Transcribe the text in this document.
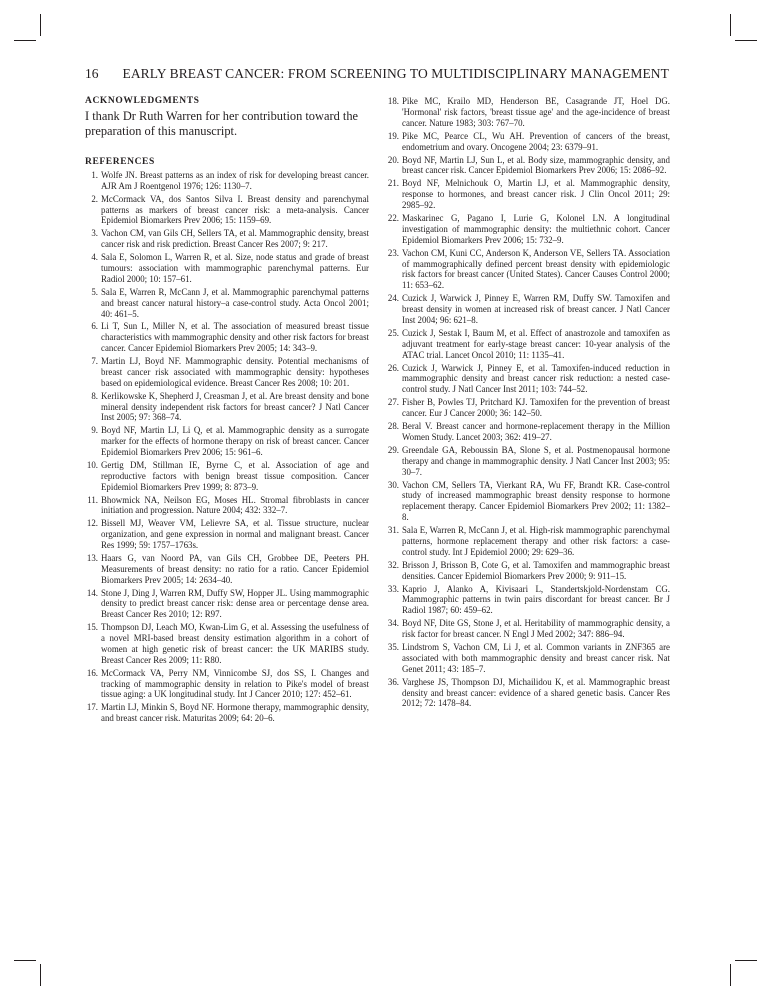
16 EARLY BREAST CANCER: FROM SCREENING TO MULTIDISCIPLINARY MANAGEMENT
ACKNOWLEDGMENTS

I thank Dr Ruth Warren for her contribution toward the preparation of this manuscript.

REFERENCES
1. Wolfe JN. Breast patterns as an index of risk for developing breast cancer. AJR Am J Roentgenol 1976; 126: 1130–7.
2. McCormack VA, dos Santos Silva I. Breast density and parenchymal patterns as markers of breast cancer risk: a meta-analysis. Cancer Epidemiol Biomarkers Prev 2006; 15: 1159–69.
3. Vachon CM, van Gils CH, Sellers TA, et al. Mammographic density, breast cancer risk and risk prediction. Breast Cancer Res 2007; 9: 217.
4. Sala E, Solomon L, Warren R, et al. Size, node status and grade of breast tumours: association with mammographic parenchymal patterns. Eur Radiol 2000; 10: 157–61.
5. Sala E, Warren R, McCann J, et al. Mammographic parenchymal patterns and breast cancer natural history–a case-control study. Acta Oncol 2001; 40: 461–5.
6. Li T, Sun L, Miller N, et al. The association of measured breast tissue characteristics with mammographic density and other risk factors for breast cancer. Cancer Epidemiol Biomarkers Prev 2005; 14: 343–9.
7. Martin LJ, Boyd NF. Mammographic density. Potential mechanisms of breast cancer risk associated with mammographic density: hypotheses based on epidemiological evidence. Breast Cancer Res 2008; 10: 201.
8. Kerlikowske K, Shepherd J, Creasman J, et al. Are breast density and bone mineral density independent risk factors for breast cancer? J Natl Cancer Inst 2005; 97: 368–74.
9. Boyd NF, Martin LJ, Li Q, et al. Mammographic density as a surrogate marker for the effects of hormone therapy on risk of breast cancer. Cancer Epidemiol Biomarkers Prev 2006; 15: 961–6.
10. Gertig DM, Stillman IE, Byrne C, et al. Association of age and reproductive factors with benign breast tissue composition. Cancer Epidemiol Biomarkers Prev 1999; 8: 873–9.
11. Bhowmick NA, Neilson EG, Moses HL. Stromal fibroblasts in cancer initiation and progression. Nature 2004; 432: 332–7.
12. Bissell MJ, Weaver VM, Lelievre SA, et al. Tissue structure, nuclear organization, and gene expression in normal and malignant breast. Cancer Res 1999; 59: 1757–1763s.
13. Haars G, van Noord PA, van Gils CH, Grobbee DE, Peeters PH. Measurements of breast density: no ratio for a ratio. Cancer Epidemiol Biomarkers Prev 2005; 14: 2634–40.
14. Stone J, Ding J, Warren RM, Duffy SW, Hopper JL. Using mammographic density to predict breast cancer risk: dense area or percentage dense area. Breast Cancer Res 2010; 12: R97.
15. Thompson DJ, Leach MO, Kwan-Lim G, et al. Assessing the usefulness of a novel MRI-based breast density estimation algorithm in a cohort of women at high genetic risk of breast cancer: the UK MARIBS study. Breast Cancer Res 2009; 11: R80.
16. McCormack VA, Perry NM, Vinnicombe SJ, dos SS, I. Changes and tracking of mammographic density in relation to Pike's model of breast tissue aging: a UK longitudinal study. Int J Cancer 2010; 127: 452–61.
17. Martin LJ, Minkin S, Boyd NF. Hormone therapy, mammographic density, and breast cancer risk. Maturitas 2009; 64: 20–6.
18. Pike MC, Krailo MD, Henderson BE, Casagrande JT, Hoel DG. 'Hormonal' risk factors, 'breast tissue age' and the age-incidence of breast cancer. Nature 1983; 303: 767–70.
19. Pike MC, Pearce CL, Wu AH. Prevention of cancers of the breast, endometrium and ovary. Oncogene 2004; 23: 6379–91.
20. Boyd NF, Martin LJ, Sun L, et al. Body size, mammographic density, and breast cancer risk. Cancer Epidemiol Biomarkers Prev 2006; 15: 2086–92.
21. Boyd NF, Melnichouk O, Martin LJ, et al. Mammographic density, response to hormones, and breast cancer risk. J Clin Oncol 2011; 29: 2985–92.
22. Maskarinec G, Pagano I, Lurie G, Kolonel LN. A longitudinal investigation of mammographic density: the multiethnic cohort. Cancer Epidemiol Biomarkers Prev 2006; 15: 732–9.
23. Vachon CM, Kuni CC, Anderson K, Anderson VE, Sellers TA. Association of mammographically defined percent breast density with epidemiologic risk factors for breast cancer (United States). Cancer Causes Control 2000; 11: 653–62.
24. Cuzick J, Warwick J, Pinney E, Warren RM, Duffy SW. Tamoxifen and breast density in women at increased risk of breast cancer. J Natl Cancer Inst 2004; 96: 621–8.
25. Cuzick J, Sestak I, Baum M, et al. Effect of anastrozole and tamoxifen as adjuvant treatment for early-stage breast cancer: 10-year analysis of the ATAC trial. Lancet Oncol 2010; 11: 1135–41.
26. Cuzick J, Warwick J, Pinney E, et al. Tamoxifen-induced reduction in mammographic density and breast cancer risk reduction: a nested case-control study. J Natl Cancer Inst 2011; 103: 744–52.
27. Fisher B, Powles TJ, Pritchard KJ. Tamoxifen for the prevention of breast cancer. Eur J Cancer 2000; 36: 142–50.
28. Beral V. Breast cancer and hormone-replacement therapy in the Million Women Study. Lancet 2003; 362: 419–27.
29. Greendale GA, Reboussin BA, Slone S, et al. Postmenopausal hormone therapy and change in mammographic density. J Natl Cancer Inst 2003; 95: 30–7.
30. Vachon CM, Sellers TA, Vierkant RA, Wu FF, Brandt KR. Case-control study of increased mammographic breast density response to hormone replacement therapy. Cancer Epidemiol Biomarkers Prev 2002; 11: 1382–8.
31. Sala E, Warren R, McCann J, et al. High-risk mammographic parenchymal patterns, hormone replacement therapy and other risk factors: a case-control study. Int J Epidemiol 2000; 29: 629–36.
32. Brisson J, Brisson B, Cote G, et al. Tamoxifen and mammographic breast densities. Cancer Epidemiol Biomarkers Prev 2000; 9: 911–15.
33. Kaprio J, Alanko A, Kivisaari L, Standertskjold-Nordenstam CG. Mammographic patterns in twin pairs discordant for breast cancer. Br J Radiol 1987; 60: 459–62.
34. Boyd NF, Dite GS, Stone J, et al. Heritability of mammographic density, a risk factor for breast cancer. N Engl J Med 2002; 347: 886–94.
35. Lindstrom S, Vachon CM, Li J, et al. Common variants in ZNF365 are associated with both mammographic density and breast cancer risk. Nat Genet 2011; 43: 185–7.
36. Varghese JS, Thompson DJ, Michailidou K, et al. Mammographic breast density and breast cancer: evidence of a shared genetic basis. Cancer Res 2012; 72: 1478–84.
